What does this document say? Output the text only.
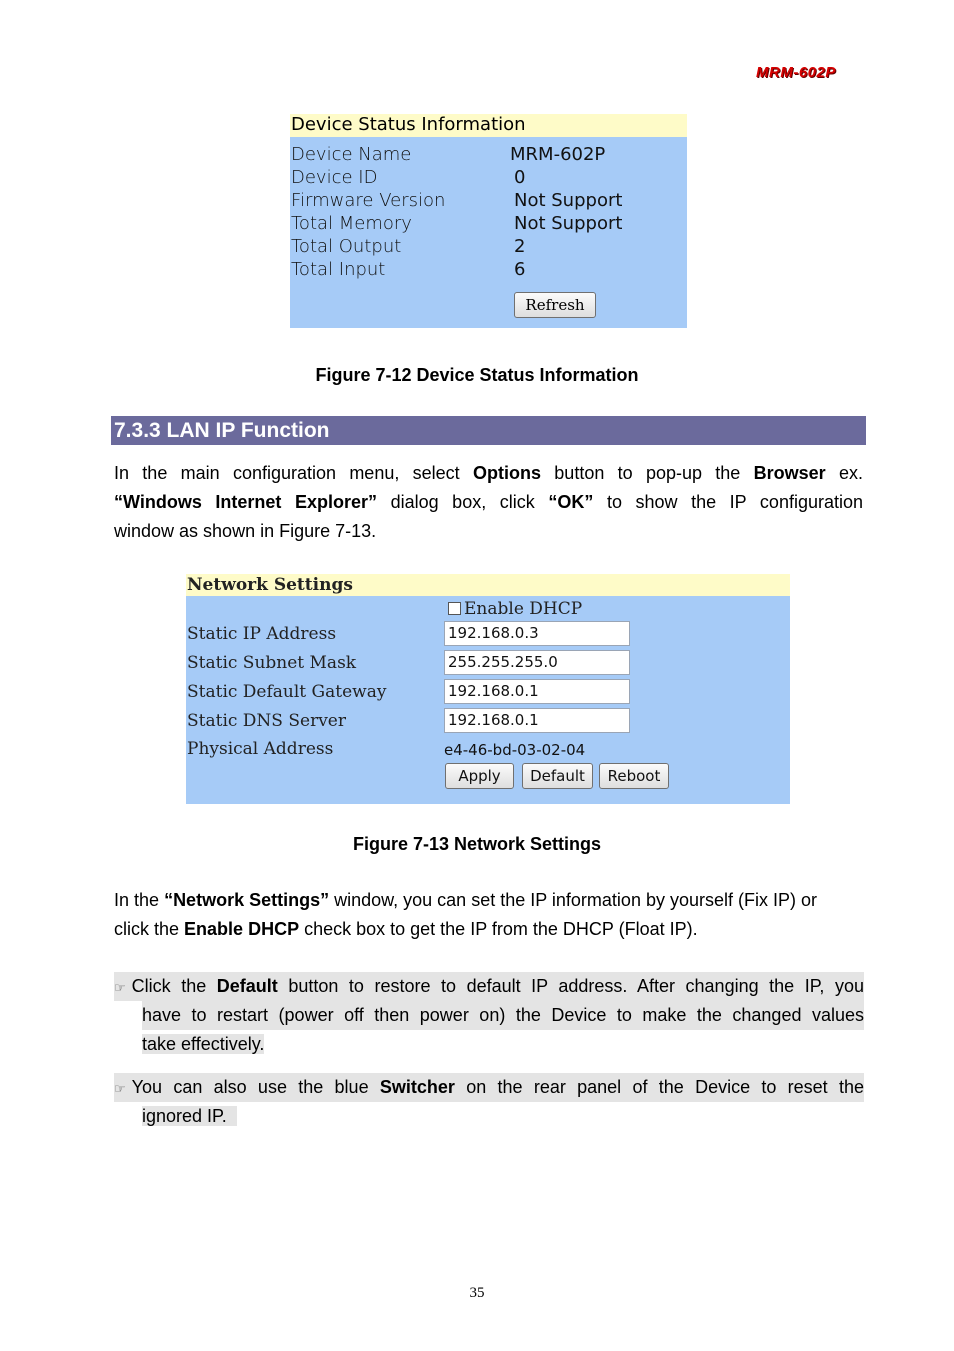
MRM-602P
Device Status Information
Device Name	MRM-602P
Device ID	0
Firmware Version	Not Support
Total Memory	Not Support
Total Output	2
Total Input	6
Refresh
Figure 7-12 Device Status Information
7.3.3 LAN IP Function

In the main configuration menu, select Options button to pop-up the Browser ex.

“Windows Internet Explorer” dialog box, click “OK” to show the IP configuration

window as shown in Figure 7-13.

Network Settings
Enable DHCP
Static IP Address	192.168.0.3
Static Subnet Mask	255.255.255.0
Static Default Gateway	192.168.0.1
Static DNS Server	192.168.0.1
Physical Address	e4-46-bd-03-02-04
Apply	Default	Reboot
Figure 7-13 Network Settings

In the “Network Settings” window, you can set the IP information by yourself (Fix IP) or

click the Enable DHCP check box to get the IP from the DHCP (Float IP).

☞ Click the Default button to restore to default IP address. After changing the IP, you
have to restart (power off then power on) the Device to make the changed values
take effectively.
☞ You can also use the blue Switcher on the rear panel of the Device to reset the
ignored IP.
35
